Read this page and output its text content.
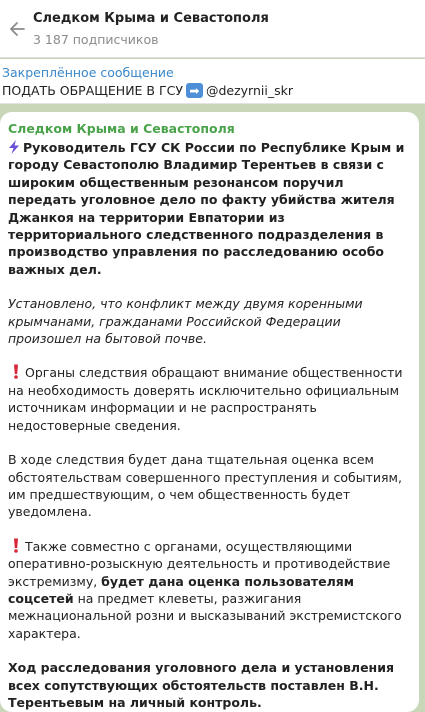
Следком Крыма и Севастополя
3 187 подписчиков
Закреплённое сообщение
ПОДАТЬ ОБРАЩЕНИЕ В ГСУ ➡ @dezyrnii_skr
Следком Крыма и Севастополя
Руководитель ГСУ СК России по Республике Крым и городу Севастополю Владимир Терентьев в связи с широким общественным резонансом поручил передать уголовное дело по факту убийства жителя Джанкоя на территории Евпатории из территориального следственного подразделения в производство управления по расследованию особо важных дел.
Установлено, что конфликт между двумя коренными крымчанами, гражданами Российской Федерации произошел на бытовой почве.
Органы следствия обращают внимание общественности на необходимость доверять исключительно официальным источникам информации и не распространять недостоверные сведения.
В ходе следствия будет дана тщательная оценка всем обстоятельствам совершенного преступления и событиям, им предшествующим, о чем общественность будет уведомлена.
Также совместно с органами, осуществляющими оперативно-розыскную деятельность и противодействие экстремизму, будет дана оценка пользователям соцсетей на предмет клеветы, разжигания межнациональной розни и высказываний экстремистского характера.
Ход расследования уголовного дела и установления всех сопутствующих обстоятельств поставлен В.Н. Терентьевым на личный контроль.
